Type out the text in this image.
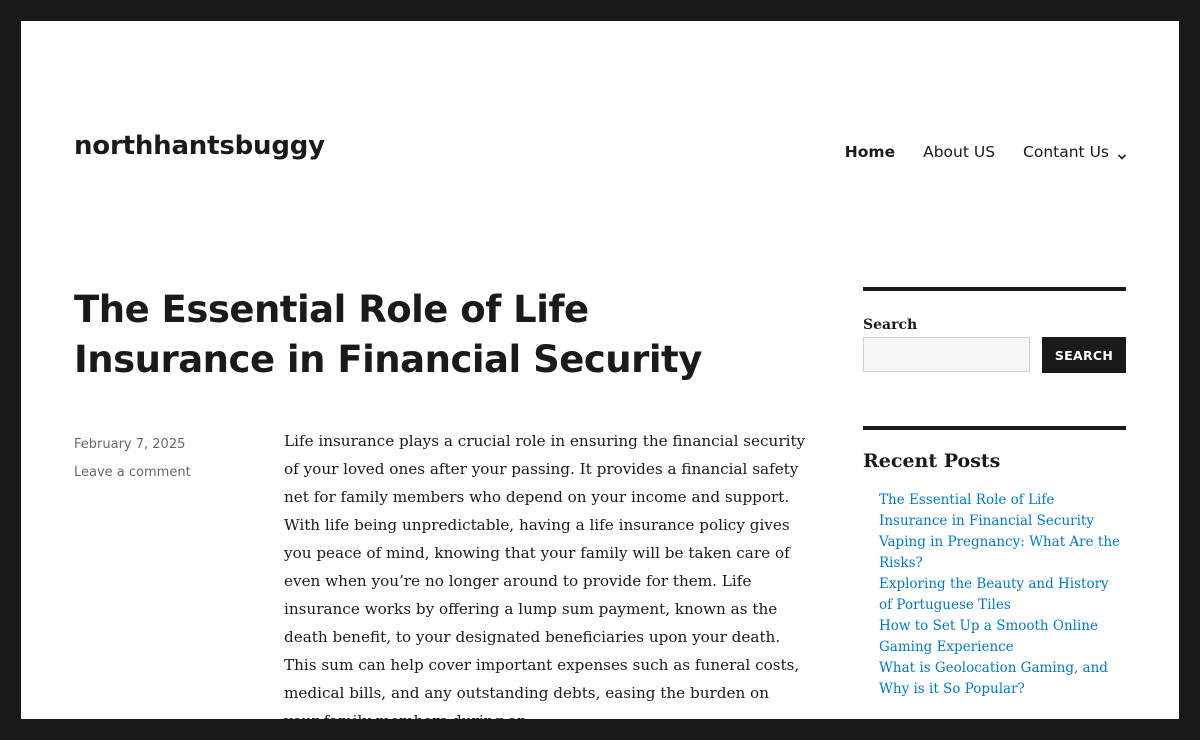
northhantsbuggy	Home About US Contant Us
The Essential Role of Life Insurance in Financial Security
February 7, 2025
Leave a comment

Life insurance plays a crucial role in ensuring the financial security of your loved ones after your passing. It provides a financial safety net for family members who depend on your income and support. With life being unpredictable, having a life insurance policy gives you peace of mind, knowing that your family will be taken care of even when you’re no longer around to provide for them. Life insurance works by offering a lump sum payment, known as the death benefit, to your designated beneficiaries upon your death. This sum can help cover important expenses such as funeral costs, medical bills, and any outstanding debts, easing the burden on your family members during an

Search
SEARCH
Recent Posts
The Essential Role of Life Insurance in Financial Security
Vaping in Pregnancy: What Are the Risks?
Exploring the Beauty and History of Portuguese Tiles
How to Set Up a Smooth Online Gaming Experience
What is Geolocation Gaming, and Why is it So Popular?
